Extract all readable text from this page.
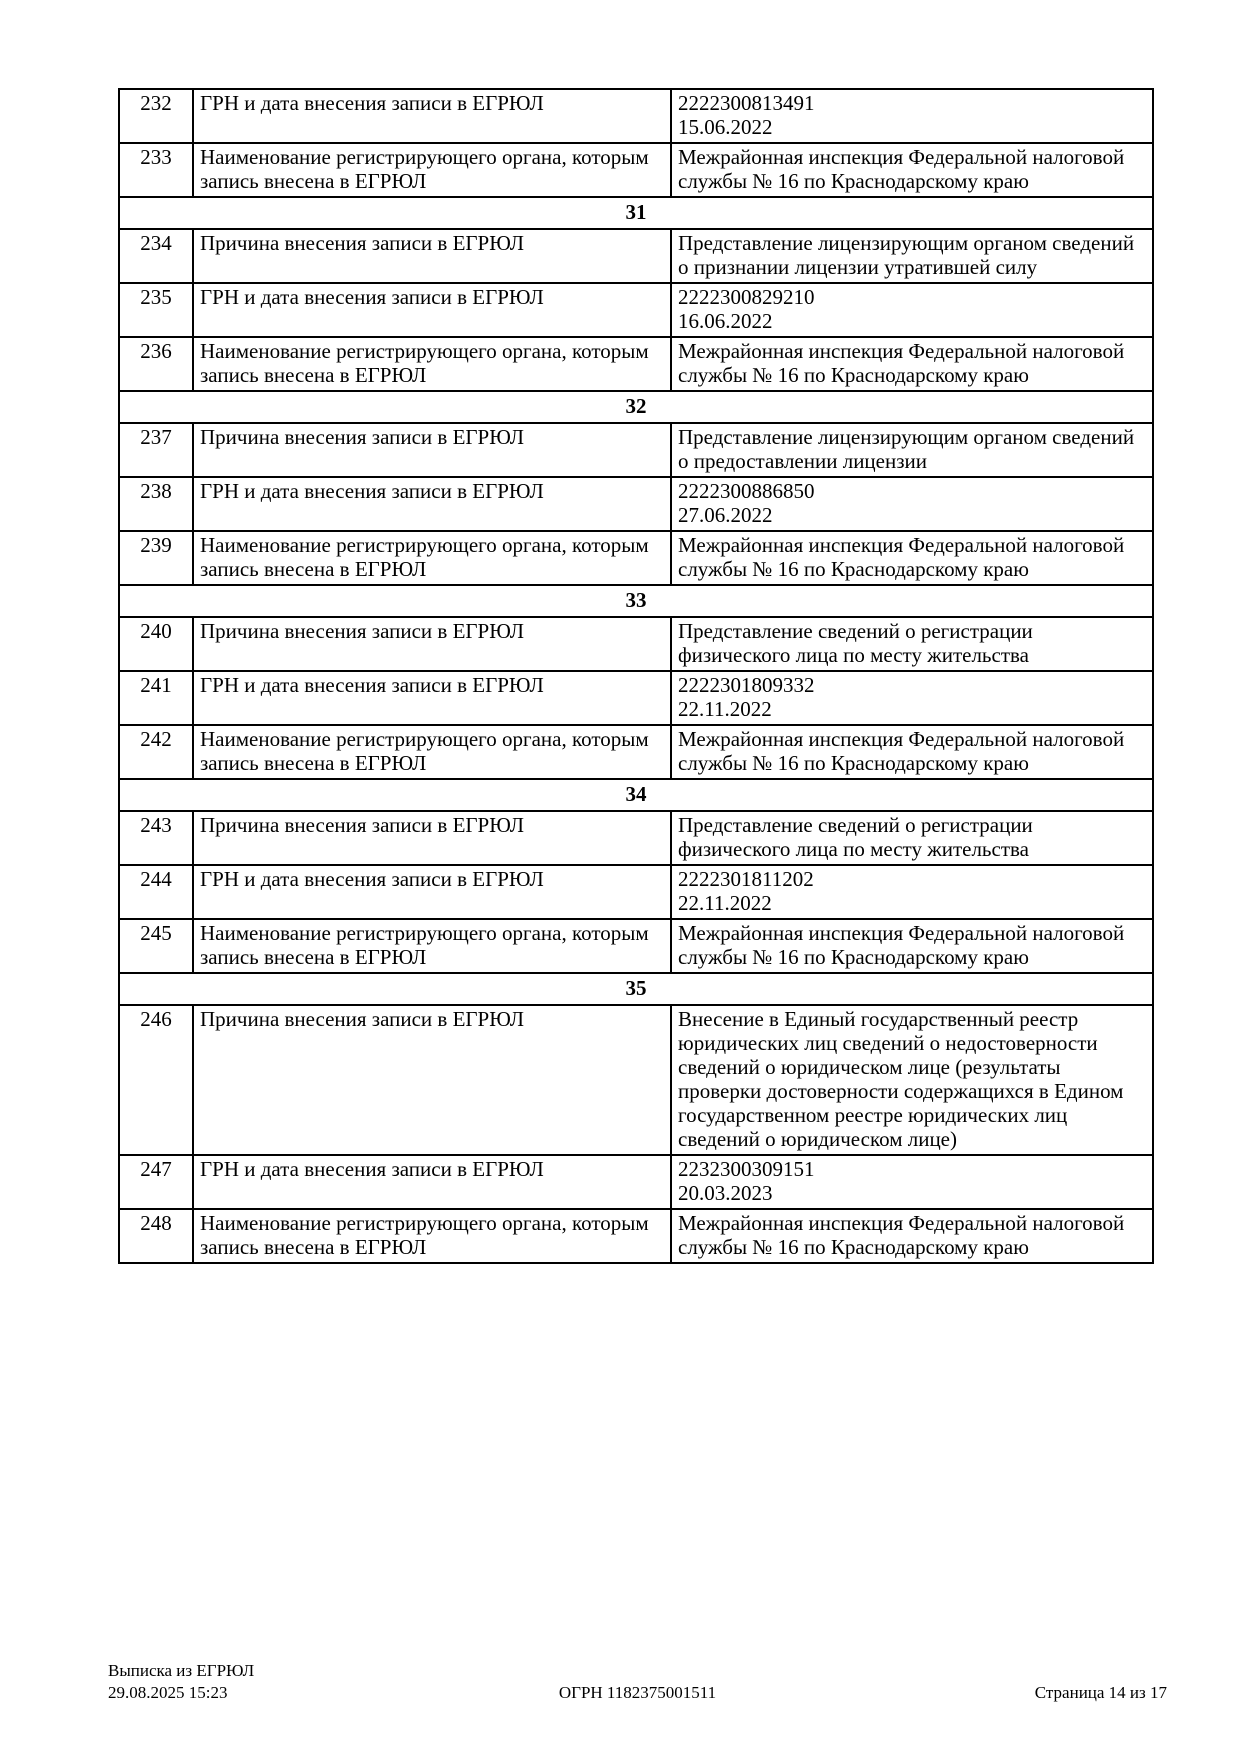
232	ГРН и дата внесения записи в ЕГРЮЛ	2222300813491
15.06.2022

233	Наименование регистрирующего органа, которым запись внесена в ЕГРЮЛ	Межрайонная инспекция Федеральной налоговой службы № 16 по Краснодарскому краю

31		
234	Причина внесения записи в ЕГРЮЛ	Представление лицензирующим органом сведений о признании лицензии утратившей силу

235	ГРН и дата внесения записи в ЕГРЮЛ	2222300829210
16.06.2022

236	Наименование регистрирующего органа, которым запись внесена в ЕГРЮЛ	Межрайонная инспекция Федеральной налоговой службы № 16 по Краснодарскому краю

32		
237	Причина внесения записи в ЕГРЮЛ	Представление лицензирующим органом сведений о предоставлении лицензии

238	ГРН и дата внесения записи в ЕГРЮЛ	2222300886850
27.06.2022

239	Наименование регистрирующего органа, которым запись внесена в ЕГРЮЛ	Межрайонная инспекция Федеральной налоговой службы № 16 по Краснодарскому краю

33		
240	Причина внесения записи в ЕГРЮЛ	Представление сведений о регистрации физического лица по месту жительства

241	ГРН и дата внесения записи в ЕГРЮЛ	2222301809332
22.11.2022

242	Наименование регистрирующего органа, которым запись внесена в ЕГРЮЛ	Межрайонная инспекция Федеральной налоговой службы № 16 по Краснодарскому краю

34		
243	Причина внесения записи в ЕГРЮЛ	Представление сведений о регистрации физического лица по месту жительства

244	ГРН и дата внесения записи в ЕГРЮЛ	2222301811202
22.11.2022

245	Наименование регистрирующего органа, которым запись внесена в ЕГРЮЛ	Межрайонная инспекция Федеральной налоговой службы № 16 по Краснодарскому краю

35		
246	Причина внесения записи в ЕГРЮЛ	Внесение в Единый государственный реестр юридических лиц сведений о недостоверности сведений о юридическом лице (результаты проверки достоверности содержащихся в Едином государственном реестре юридических лиц сведений о юридическом лице)

247	ГРН и дата внесения записи в ЕГРЮЛ	2232300309151
20.03.2023

248	Наименование регистрирующего органа, которым запись внесена в ЕГРЮЛ	Межрайонная инспекция Федеральной налоговой службы № 16 по Краснодарскому краю
Выписка из ЕГРЮЛ
29.08.2025 15:23	ОГРН 1182375001511	Страница 14 из 17
